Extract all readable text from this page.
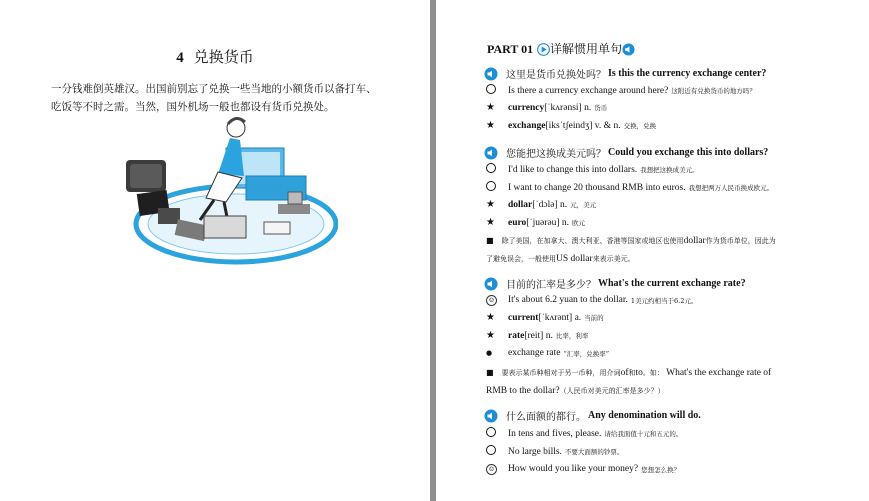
4 兑换货币
一分钱难倒英雄汉。出国前别忘了兑换一些当地的小额货币以备打车、
吃饭等不时之需。当然，国外机场一般也都设有货币兑换处。
PART 01 详解惯用单句
这里是货币兑换处吗？ Is this the currency exchange center?
Is there a currency exchange around here? 这附近有兑换货币的地方吗？
★	currency [ˈkʌrənsi] n. 货币
★	exchange [iksˈtʃeindʒ] v. & n. 交换，兑换
您能把这换成美元吗？ Could you exchange this into dollars?
I'd like to change this into dollars. 我想把这换成美元。
I want to change 20 thousand RMB into euros. 我想把两万人民币换成欧元。
★	dollar [ˈdɔlə] n. 元，美元
★	euro [ˈjuərəu] n. 欧元
■ 除了美国，在加拿大、澳大利亚、香港等国家或地区也使用dollar作为货币单位，因此为
了避免误会，一般使用US dollar来表示美元。
目前的汇率是多少？ What's the current exchange rate?
☺	It's about 6.2 yuan to the dollar. 1美元约相当于6.2元。
★	current [ˈkʌrənt] a. 当前的
★	rate [reit] n. 比率，利率
●	exchange rate “汇率，兑换率”
■ 要表示某币种相对于另一币种，用介词of和to。如： What's the exchange rate of
RMB to the dollar?（人民币对美元的汇率是多少？）
什么面额的都行。 Any denomination will do.
In tens and fives, please. 请给我面值十元和五元的。
No large bills. 不要大面额的钞票。
☺	How would you like your money? 您想怎么换？
